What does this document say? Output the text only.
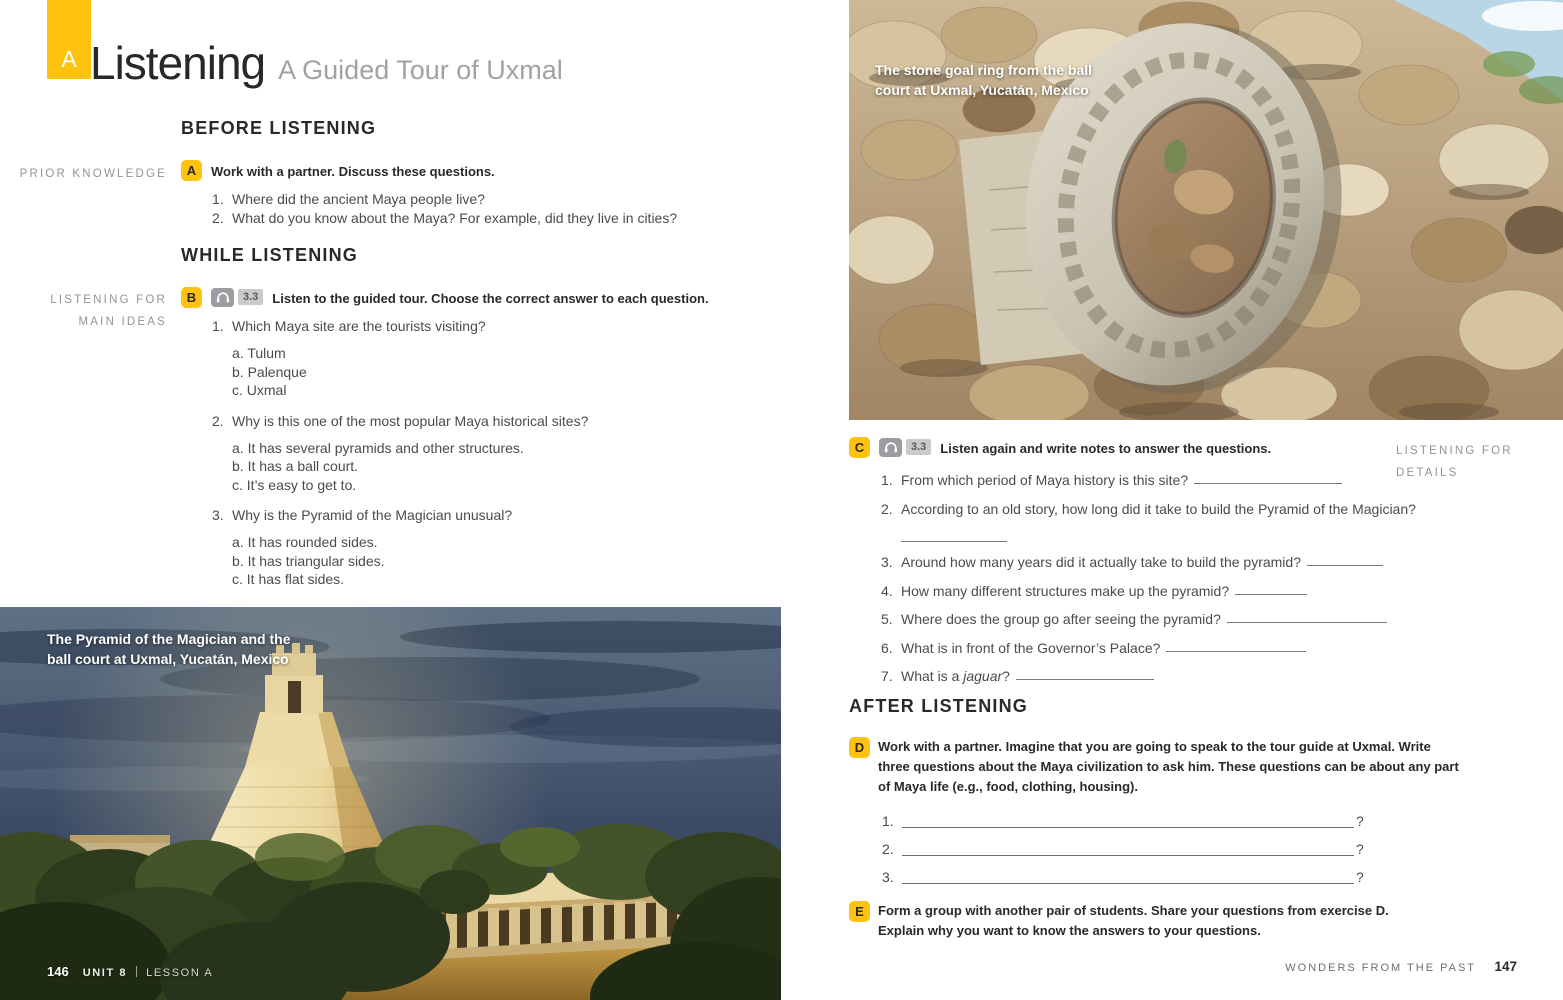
A Listening A Guided Tour of Uxmal
BEFORE LISTENING
PRIOR KNOWLEDGE	A	Work with a partner. Discuss these questions.
1. Where did the ancient Maya people live?
2. What do you know about the Maya? For example, did they live in cities?
WHILE LISTENING
LISTENING FOR
MAIN IDEAS
B	3.3	Listen to the guided tour. Choose the correct answer to each question.
1. Which Maya site are the tourists visiting?
a. Tulum
b. Palenque
c. Uxmal
2. Why is this one of the most popular Maya historical sites?
a. It has several pyramids and other structures.
b. It has a ball court.
c. It’s easy to get to.
3. Why is the Pyramid of the Magician unusual?
a. It has rounded sides.
b. It has triangular sides.
c. It has flat sides.
The Pyramid of the Magician and the
ball court at Uxmal, Yucatán, Mexico
146 UNIT 8 LESSON A
The stone goal ring from the ball
court at Uxmal, Yucatán, Mexico
C	3.3	Listen again and write notes to answer the questions.	LISTENING FOR
DETAILS
1. From which period of Maya history is this site?
2. According to an old story, how long did it take to build the Pyramid of the Magician?
3. Around how many years did it actually take to build the pyramid?
4. How many different structures make up the pyramid?
5. Where does the group go after seeing the pyramid?
6. What is in front of the Governor’s Palace?
7. What is a jaguar?
AFTER LISTENING
D	Work with a partner. Imagine that you are going to speak to the tour guide at Uxmal. Write three questions about the Maya civilization to ask him. These questions can be about any part of Maya life (e.g., food, clothing, housing).
1.	?
2.	?
3.	?
E	Form a group with another pair of students. Share your questions from exercise D. Explain why you want to know the answers to your questions.
WONDERS FROM THE PAST 147
